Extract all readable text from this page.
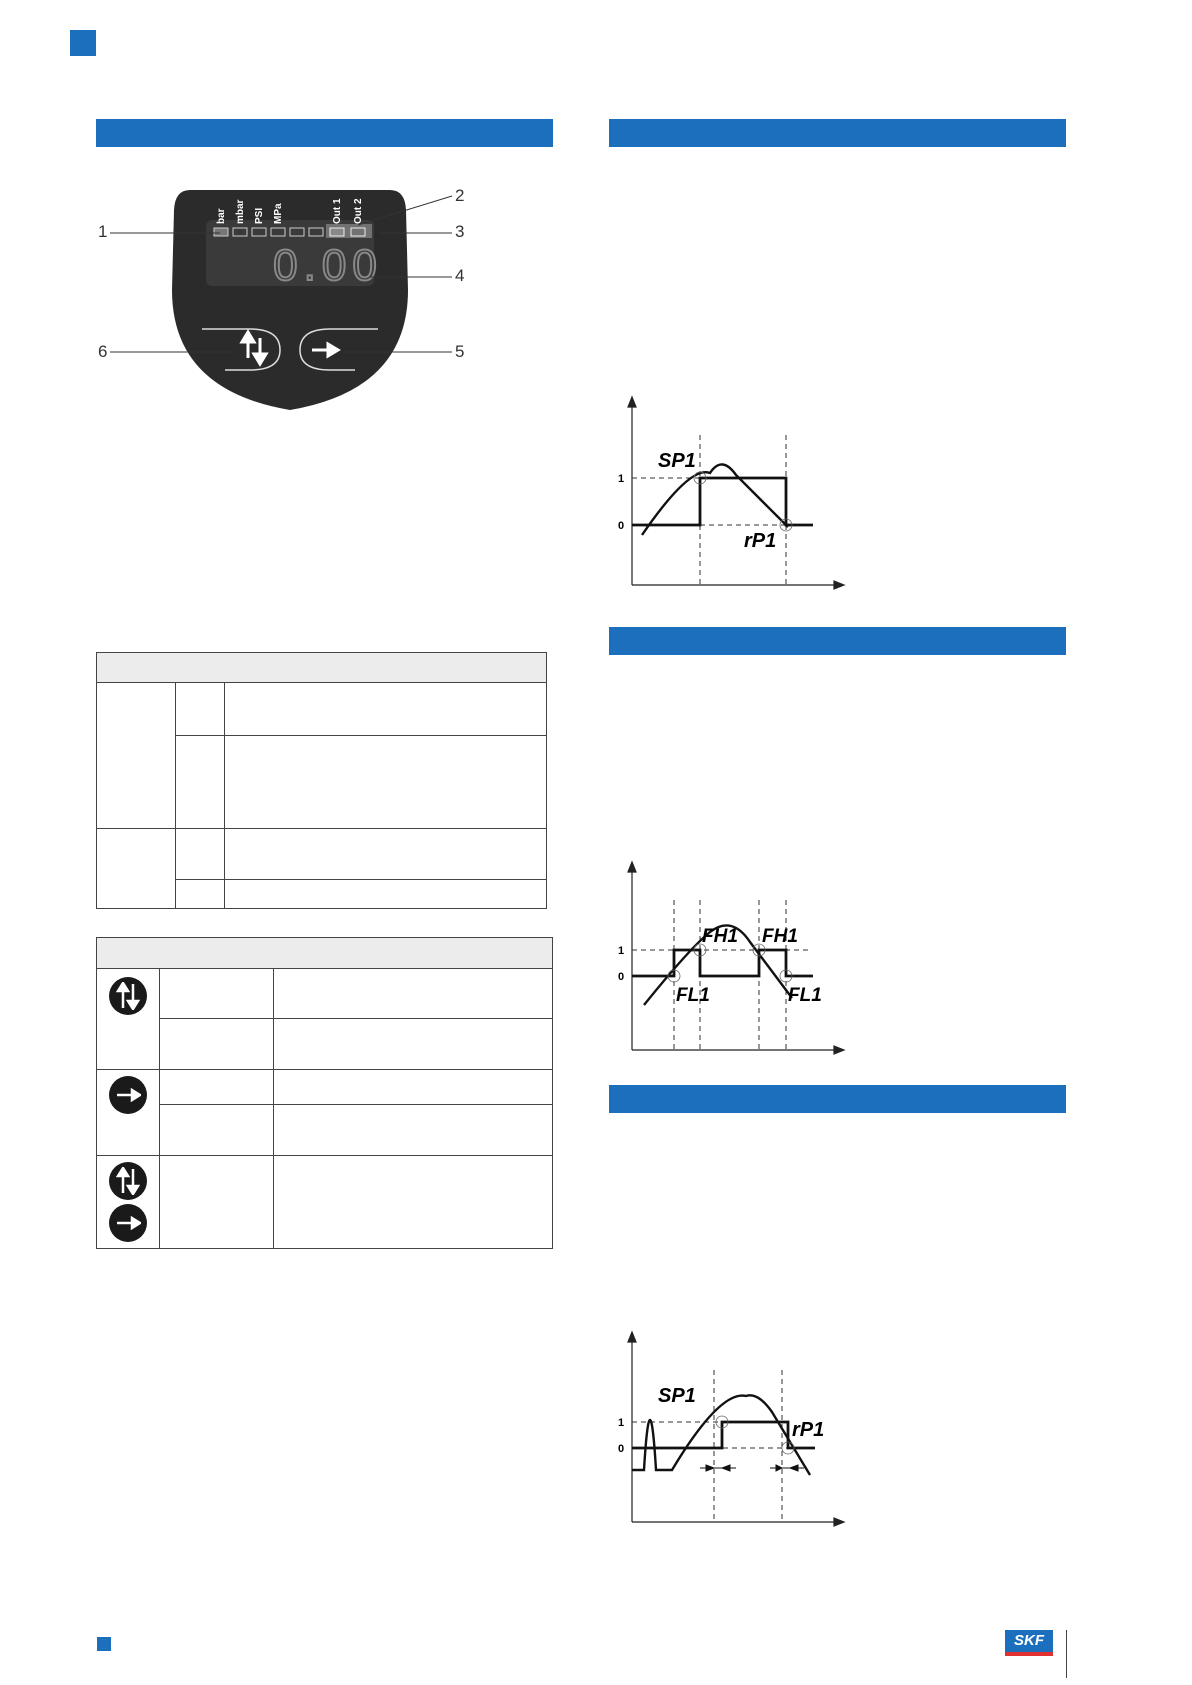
bar mbar PSI MPa	Out 1 Out 2
0.00
1
2
3
4
5
6

1
0
SP1
rP1
1
0
FH1 FH1
FL1	FL1
1
0
SP1
rP1
SKF
